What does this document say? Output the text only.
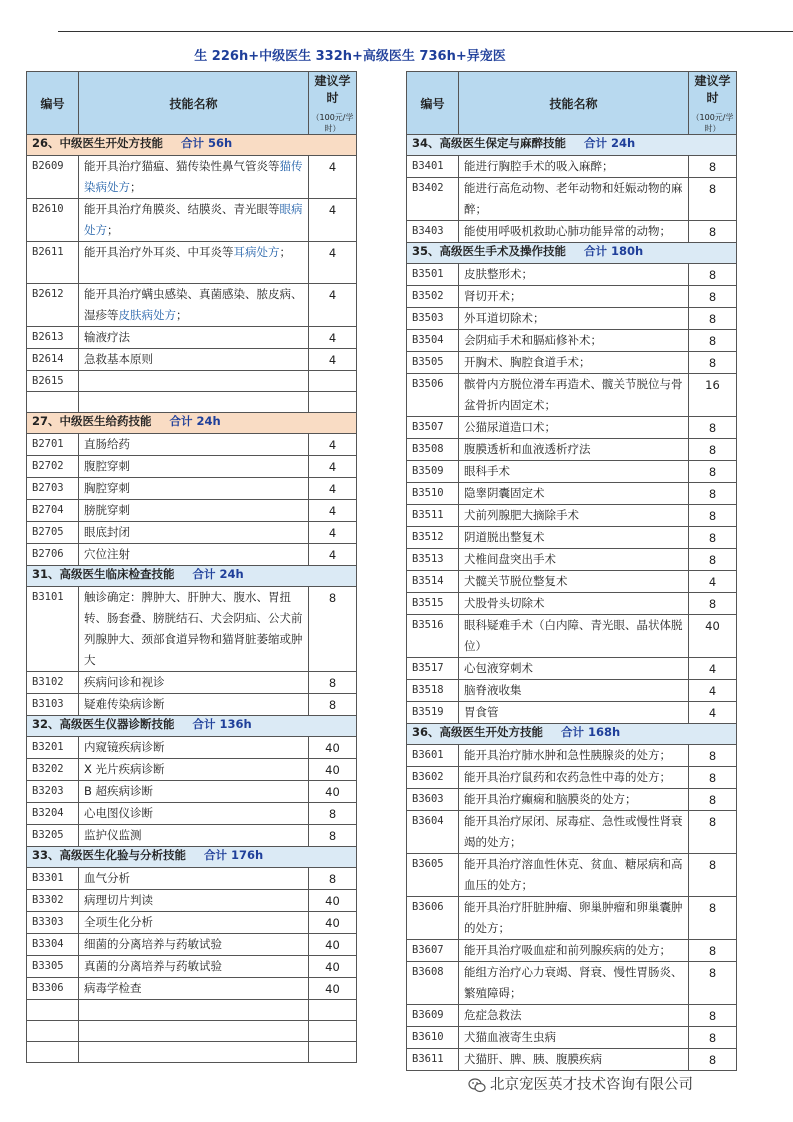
生 226h+中级医生 332h+高级医生 736h+异宠医
编号	技能名称	建议学时
（100元/学时）

26、中级医生开处方技能 合计 56h		
B2609	能开具治疗猫瘟、猫传染性鼻气管炎等猫传染病处方；	4
B2610	能开具治疗角膜炎、结膜炎、青光眼等眼病处方；	4
B2611	能开具治疗外耳炎、中耳炎等耳病处方；	4
B2612	能开具治疗螨虫感染、真菌感染、脓皮病、湿疹等皮肤病处方；	4
B2613	输液疗法	4
B2614	急救基本原则	4
B2615		

27、中级医生给药技能 合计 24h		
B2701	直肠给药	4
B2702	腹腔穿刺	4
B2703	胸腔穿刺	4
B2704	膀胱穿刺	4
B2705	眼底封闭	4
B2706	穴位注射	4
31、高级医生临床检查技能 合计 24h		
B3101	触诊确定：脾肿大、肝肿大、腹水、胃扭转、肠套叠、膀胱结石、犬会阴疝、公犬前列腺肿大、颈部食道异物和猫肾脏萎缩或肿大	8
B3102	疾病问诊和视诊	8
B3103	疑难传染病诊断	8
32、高级医生仪器诊断技能 合计 136h		
B3201	内窥镜疾病诊断	40
B3202	X 光片疾病诊断	40
B3203	B 超疾病诊断	40
B3204	心电图仪诊断	8
B3205	监护仪监测	8
33、高级医生化验与分析技能 合计 176h		
B3301	血气分析	8
B3302	病理切片判读	40
B3303	全项生化分析	40
B3304	细菌的分离培养与药敏试验	40
B3305	真菌的分离培养与药敏试验	40
B3306	病毒学检查	40

编号	技能名称	建议学时
（100元/学时）

34、高级医生保定与麻醉技能 合计 24h		
B3401	能进行胸腔手术的吸入麻醉；	8
B3402	能进行高危动物、老年动物和妊娠动物的麻醉；	8
B3403	能使用呼吸机救助心肺功能异常的动物；	8
35、高级医生手术及操作技能 合计 180h		
B3501	皮肤整形术；	8
B3502	肾切开术；	8
B3503	外耳道切除术；	8
B3504	会阴疝手术和膈疝修补术；	8
B3505	开胸术、胸腔食道手术；	8
B3506	髌骨内方脱位滑车再造术、髋关节脱位与骨盆骨折内固定术；	16
B3507	公猫尿道造口术；	8
B3508	腹膜透析和血液透析疗法	8
B3509	眼科手术	8
B3510	隐睾阴囊固定术	8
B3511	犬前列腺肥大摘除手术	8
B3512	阴道脱出整复术	8
B3513	犬椎间盘突出手术	8
B3514	犬髋关节脱位整复术	4
B3515	犬股骨头切除术	8
B3516	眼科疑难手术（白内障、青光眼、晶状体脱位）	40
B3517	心包液穿刺术	4
B3518	脑脊液收集	4
B3519	胃食管	4
36、高级医生开处方技能 合计 168h		
B3601	能开具治疗肺水肿和急性胰腺炎的处方；	8
B3602	能开具治疗鼠药和农药急性中毒的处方；	8
B3603	能开具治疗癫痫和脑膜炎的处方；	8
B3604	能开具治疗尿闭、尿毒症、急性或慢性肾衰竭的处方；	8
B3605	能开具治疗溶血性休克、贫血、糖尿病和高血压的处方；	8
B3606	能开具治疗肝脏肿瘤、卵巢肿瘤和卵巢囊肿的处方；	8
B3607	能开具治疗吸血症和前列腺疾病的处方；	8
B3608	能组方治疗心力衰竭、肾衰、慢性胃肠炎、繁殖障碍；	8
B3609	危症急救法	8
B3610	犬猫血液寄生虫病	8
B3611	犬猫肝、脾、胰、腹膜疾病	8
北京宠医英才技术咨询有限公司
